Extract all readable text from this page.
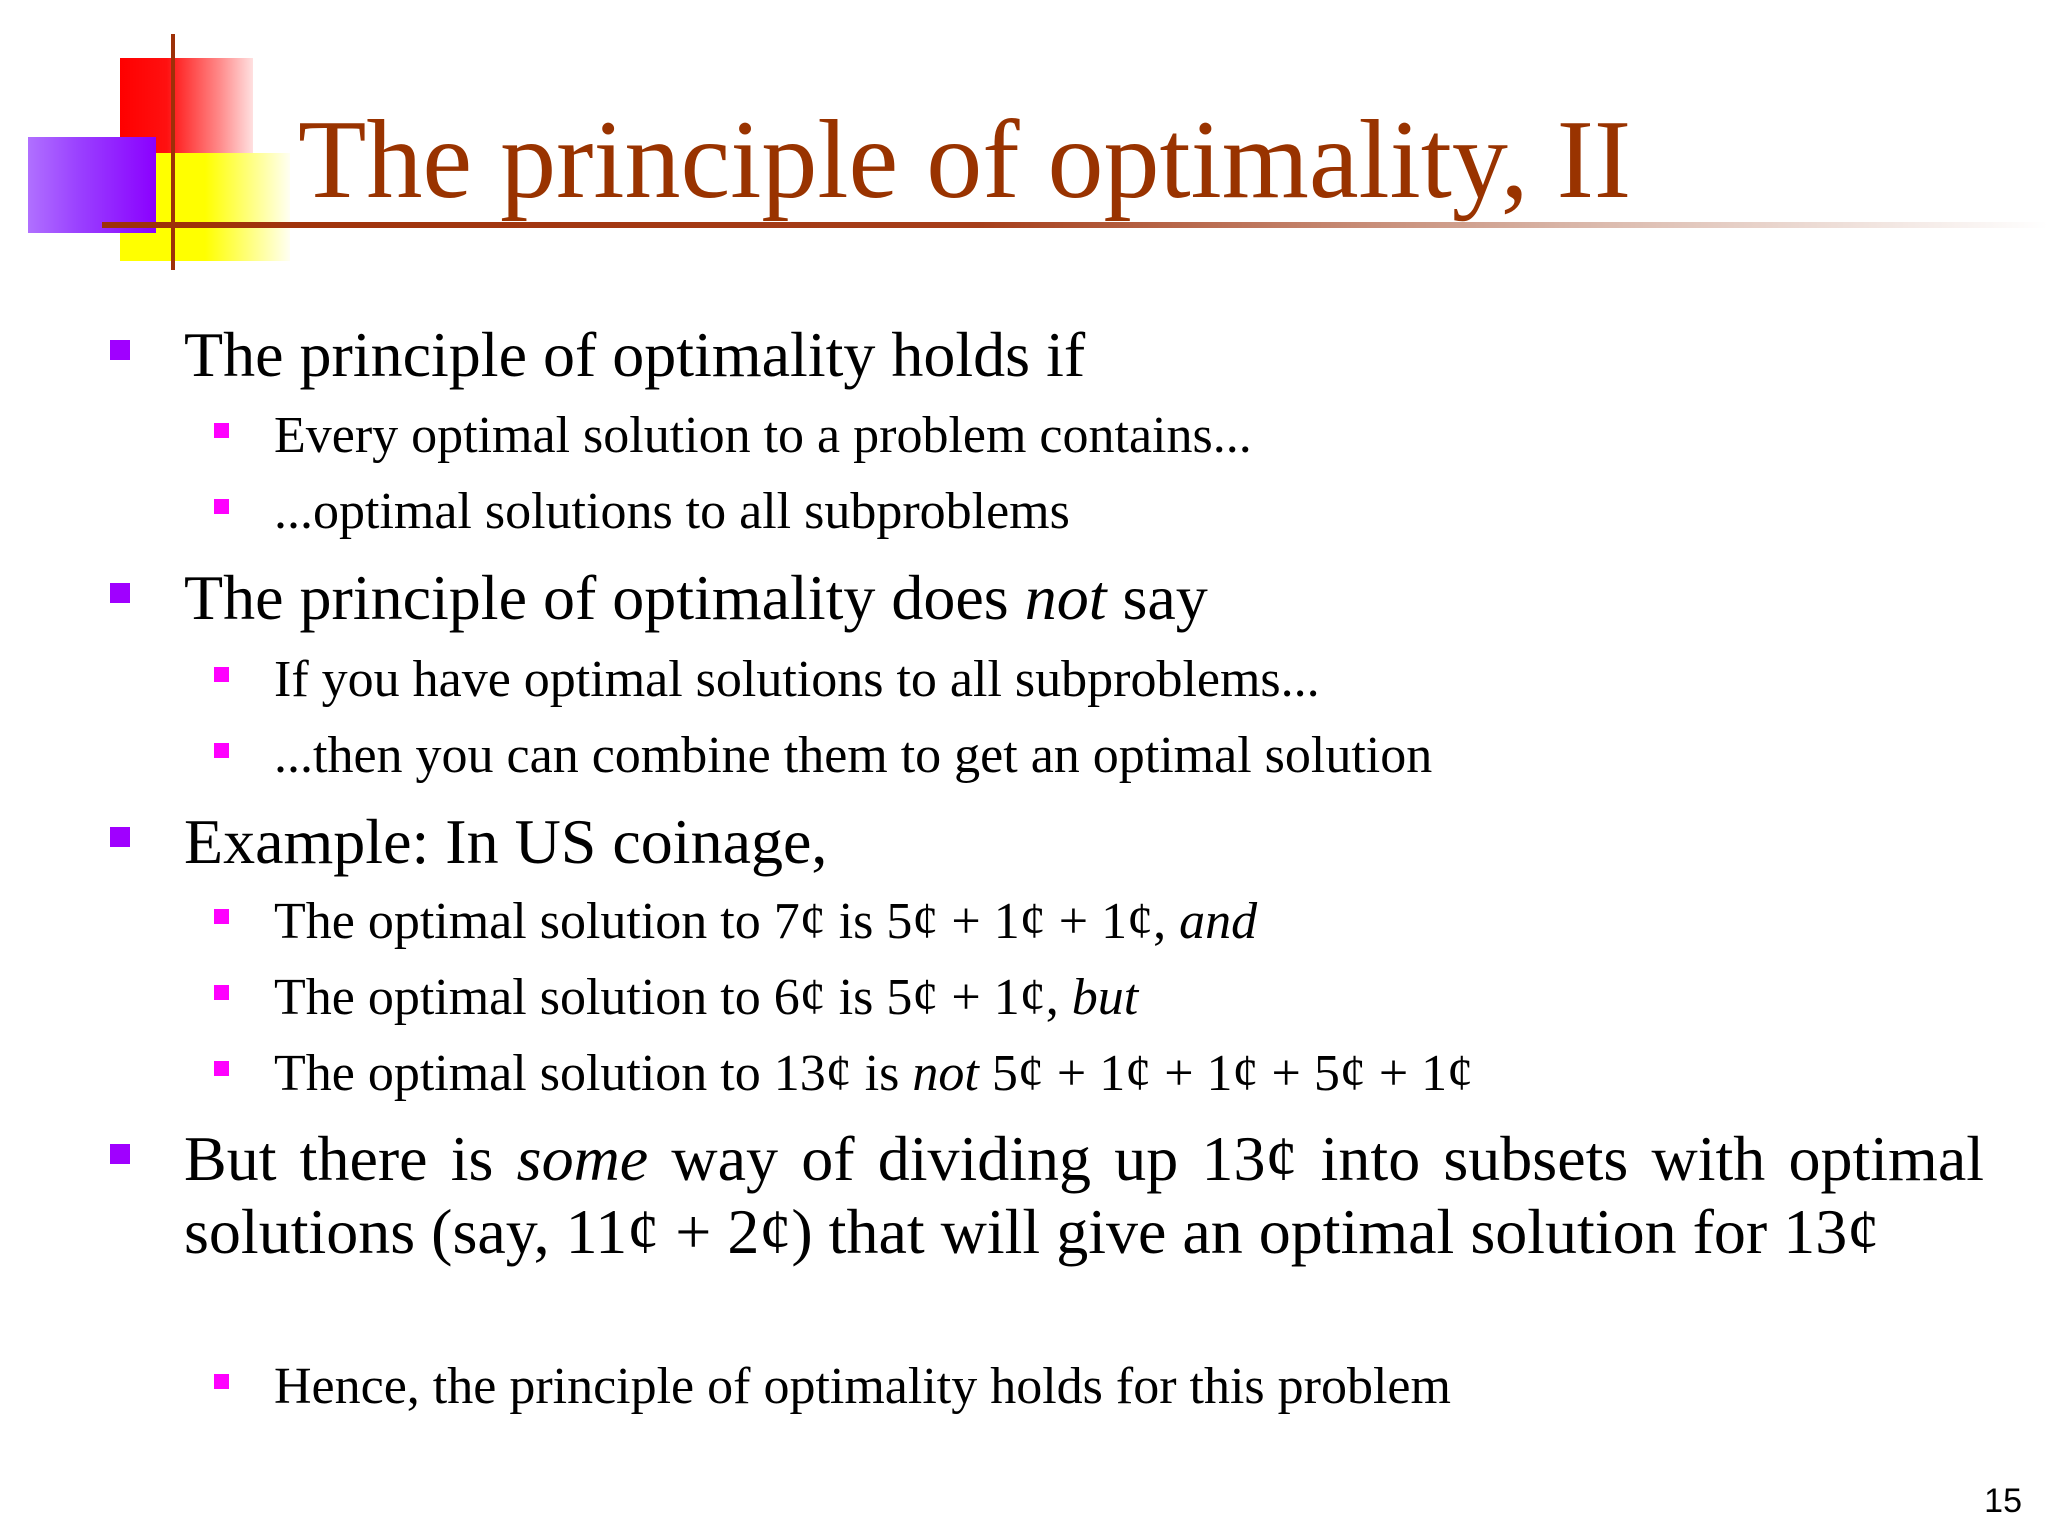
The principle of optimality, II
The principle of optimality holds if
Every optimal solution to a problem contains...
...optimal solutions to all subproblems
The principle of optimality does not say
If you have optimal solutions to all subproblems...
...then you can combine them to get an optimal solution
Example: In US coinage,
The optimal solution to 7¢ is 5¢ + 1¢ + 1¢, and
The optimal solution to 6¢ is 5¢ + 1¢, but
The optimal solution to 13¢ is not 5¢ + 1¢ + 1¢ + 5¢ + 1¢
But there is some way of dividing up 13¢ into subsets with optimal solutions (say, 11¢ + 2¢) that will give an optimal solution for 13¢
Hence, the principle of optimality holds for this problem
15
